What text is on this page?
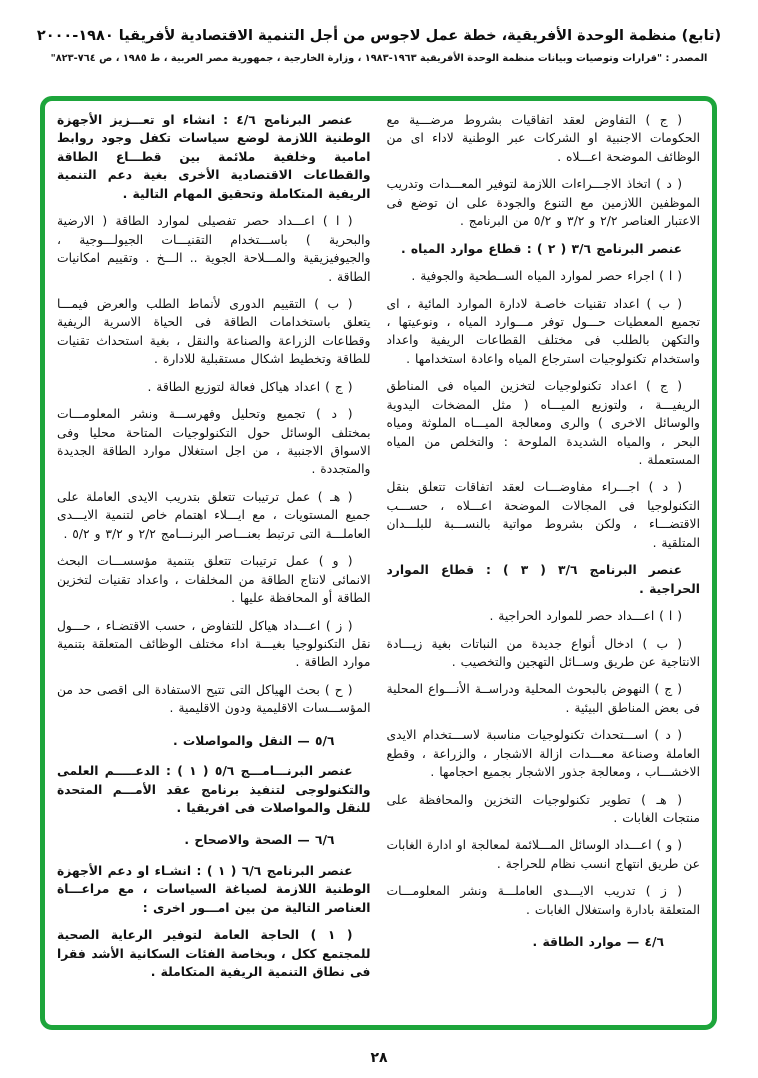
(تابع) منظمة الوحدة الأفريقية، خطة عمل لاجوس من أجل التنمية الاقتصادية لأفريقيا ١٩٨٠-٢٠٠٠
المصدر : "قرارات وتوصيات وبيانات منظمة الوحدة الأفريقية ١٩٦٣-١٩٨٣ ، وزارة الخارجية ، جمهورية مصر العربية ، ط ١٩٨٥ ، ص ٧٦٤-٨٢٣"

( ج ) التفاوض لعقد اتفاقيات بشروط مرضـــية مع الحكومات الاجنبية او الشركات عبر الوطنية لاداء اى من الوظائف الموضحة اعـــلاه .

( د ) اتخاذ الاجـــراءات اللازمة لتوفير المعـــدات وتدريب الموظفين اللازمين مع التنوع والجودة على ان توضع فى الاعتبار العناصر ٢/٢ و ٣/٢ و ٥/٢ من البرنامج .

عنصر البرنامج ٣/٦ ( ٢ ) : قطاع موارد المياه .

( ا ) اجراء حصر لموارد المياه الســطحية والجوفية .

( ب ) اعداد تقنيات خاصـة لادارة الموارد المائية ، اى تجميع المعطيات حـــول توفر مـــوارد المياه ، ونوعيتها ، والتكهن بالطلب فى مختلف القطاعات الريفية واعداد واستخدام تكنولوجيات استرجاع المياه واعادة استخدامها .

( ج ) اعداد تكنولوجيات لتخزين المياه فى المناطق الريفيـــة ، ولتوزيع الميـــاه ( مثل المضخات اليدوية والوسائل الاخرى ) والرى ومعالجة الميـــاه الملوثة ومياه البحر ، والمياه الشديدة الملوحة : والتخلص من المياه المستعملة .

( د ) اجـــراء مفاوضـــات لعقد اتفاقات تتعلق بنقل التكنولوجيا فى المجالات الموضحة اعـــلاه ، حســـب الاقتضـــاء ، ولكن بشروط مواتية بالنســـبة للبلـــدان المتلقية .

عنصر البرنامج ٣/٦ ( ٣ ) : قطاع الموارد الحراجية .

( ا ) اعـــداد حصر للموارد الحراجية .

( ب ) ادخال أنواع جديدة من النباتات بغية زيـــادة الانتاجية عن طريق وســائل التهجين والتخصيب .

( ج ) النهوض بالبحوث المحلية ودراســة الأنـــواع المحلية فى بعض المناطق البيئية .

( د ) اســـتحداث تكنولوجيات مناسبة لاســـتخدام الايدى العاملة وصناعة معـــدات ازالة الاشجار ، والزراعة ، وقطع الاخشـــاب ، ومعالجة جذور الاشجار بجميع احجامها .

( هـ ) تطوير تكنولوجيات التخزين والمحافظة على منتجات الغابات .

( و ) اعـــداد الوسائل المـــلائمة لمعالجة او ادارة الغابات عن طريق انتهاج انسب نظام للحراجة .

( ز ) تدريب الايـــدى العاملـــة ونشر المعلومـــات المتعلقة بادارة واستغلال الغابات .

٤/٦ — موارد الطاقة .

عنصر البرنامج ٤/٦ : انشاء او تعـــزيز الأجهزة الوطنية اللازمة لوضع سياسات تكفل وجود روابط امامية وخلفية ملائمة بين قطـــاع الطاقة والقطاعات الاقتصادية الأخرى بغية دعم التنمية الريفية المتكاملة وتحقيق المهام التالية .

( ا ) اعـــداد حصر تفصيلى لموارد الطاقة ( الارضية والبحرية ) باســـتخدام التقنيـــات الجيولـــوجية ، والجيوفيزيقية والمـــلاحة الجوية .. الـــخ . وتقييم امكانيات الطاقة .

( ب ) التقييم الدورى لأنماط الطلب والعرض فيمـــا يتعلق باستخدامات الطاقة فى الحياة الاسرية الريفية وقطاعات الزراعة والصناعة والنقل ، بغية استحداث تقنيات للطاقة وتخطيط اشكال مستقبلية للادارة .

( ج ) اعداد هياكل فعالة لتوزيع الطاقة .

( د ) تجميع وتحليل وفهرســـة ونشر المعلومـــات بمختلف الوسائل حول التكنولوجيات المتاحة محليا وفى الاسواق الاجنبية ، من اجل استغلال موارد الطاقة الجديدة والمتجددة .

( هـ ) عمل ترتيبات تتعلق بتدريب الايدى العاملة على جميع المستويات ، مع ايـــلاء اهتمام خاص لتنمية الايـــدى العاملـــة التى ترتبط بعنـــاصر البرنـــامج ٢/٢ و ٣/٢ و ٥/٢ .

( و ) عمل ترتيبات تتعلق بتنمية مؤسســـات البحث الانمائى لانتاج الطاقة من المخلفات ، واعداد تقنيات لتخزين الطاقة أو المحافظة عليها .

( ز ) اعـــداد هياكل للتفاوض ، حسب الاقتضـاء ، حـــول نقل التكنولوجيا بغيـــة اداء مختلف الوظائف المتعلقة بتنمية موارد الطاقة .

( ح ) بحث الهياكل التى تتيح الاستفادة الى اقصى حد من المؤســـسات الاقليمية ودون الاقليمية .

٥/٦ — النقل والمواصلات .

عنصر البرنـــامـــج ٥/٦ ( ١ ) : الدعـــــم العلمى والتكنولوجى لتنفيذ برنامج عقد الأمـــم المتحدة للنقل والمواصلات فى افريقيا .

٦/٦ — الصحة والاصحاح .

عنصر البرنامج ٦/٦ ( ١ ) : انشـاء او دعم الأجهزة الوطنية اللازمة لصياغة السياسات ، مع مراعـــاة العناصر التالية من بين امـــور اخرى :

( ١ ) الحاجة العامة لتوفير الرعاية الصحية للمجتمع ككل ، وبخاصة الفئات السكانية الأشد فقرا فى نطاق التنمية الريفية المتكاملة .

٢٨
